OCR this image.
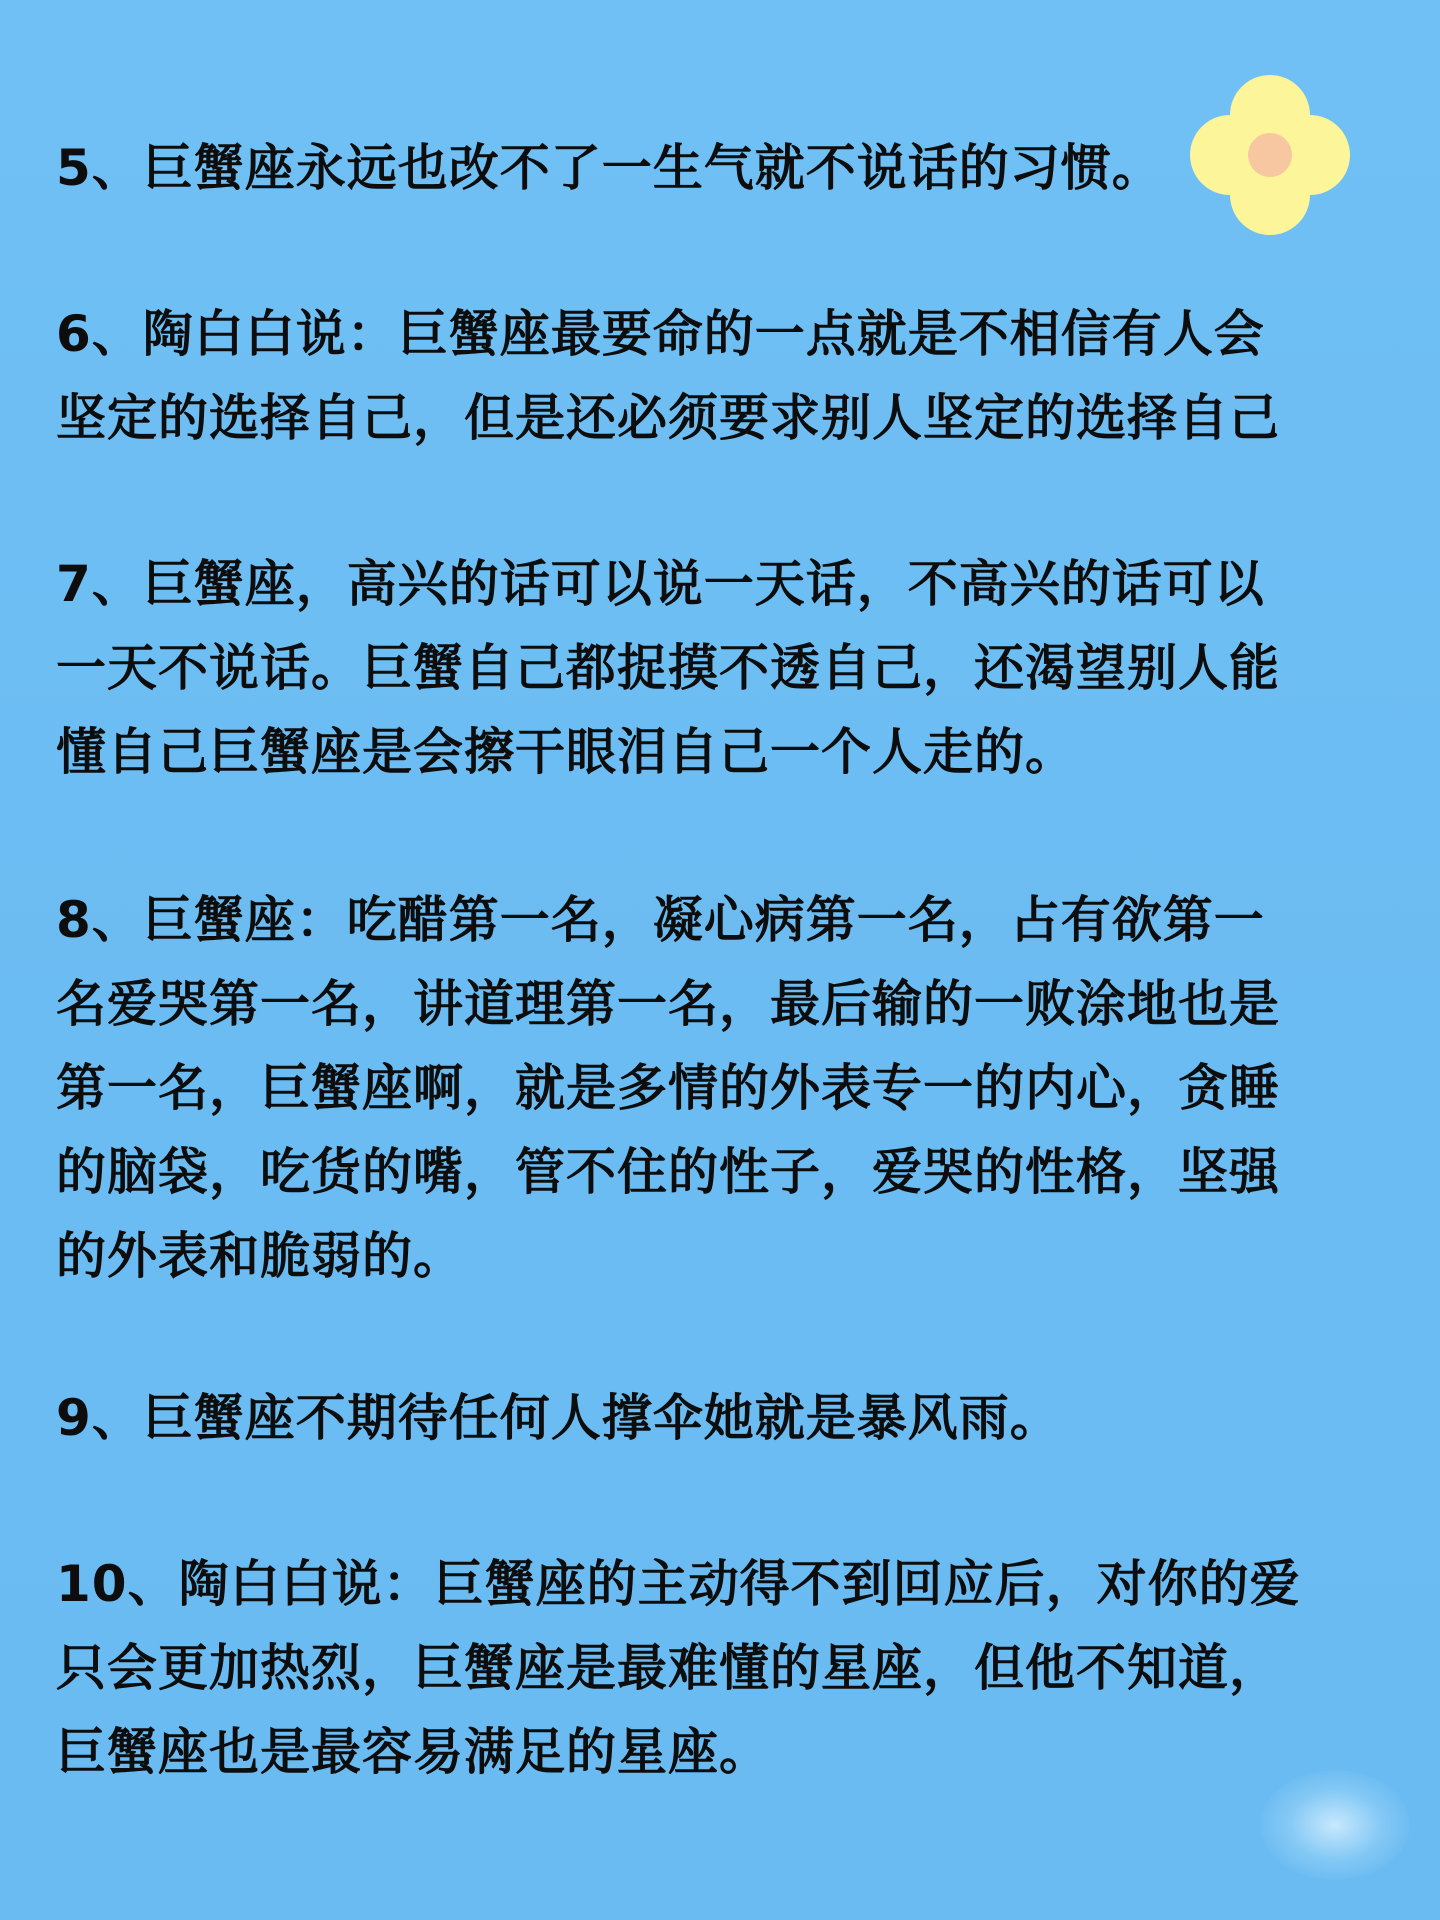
5、巨蟹座永远也改不了一生气就不说话的习惯。

6、陶白白说：巨蟹座最要命的一点就是不相信有人会
坚定的选择自己，但是还必须要求别人坚定的选择自己

7、巨蟹座，高兴的话可以说一天话，不高兴的话可以
一天不说话。巨蟹自己都捉摸不透自己，还渴望别人能
懂自己巨蟹座是会擦干眼泪自己一个人走的。

8、巨蟹座：吃醋第一名，凝心病第一名，占有欲第一
名爱哭第一名，讲道理第一名，最后输的一败涂地也是
第一名，巨蟹座啊，就是多情的外表专一的内心，贪睡
的脑袋，吃货的嘴，管不住的性子，爱哭的性格，坚强
的外表和脆弱的。

9、巨蟹座不期待任何人撑伞她就是暴风雨。

10、陶白白说：巨蟹座的主动得不到回应后，对你的爱
只会更加热烈，巨蟹座是最难懂的星座，但他不知道，
巨蟹座也是最容易满足的星座。
